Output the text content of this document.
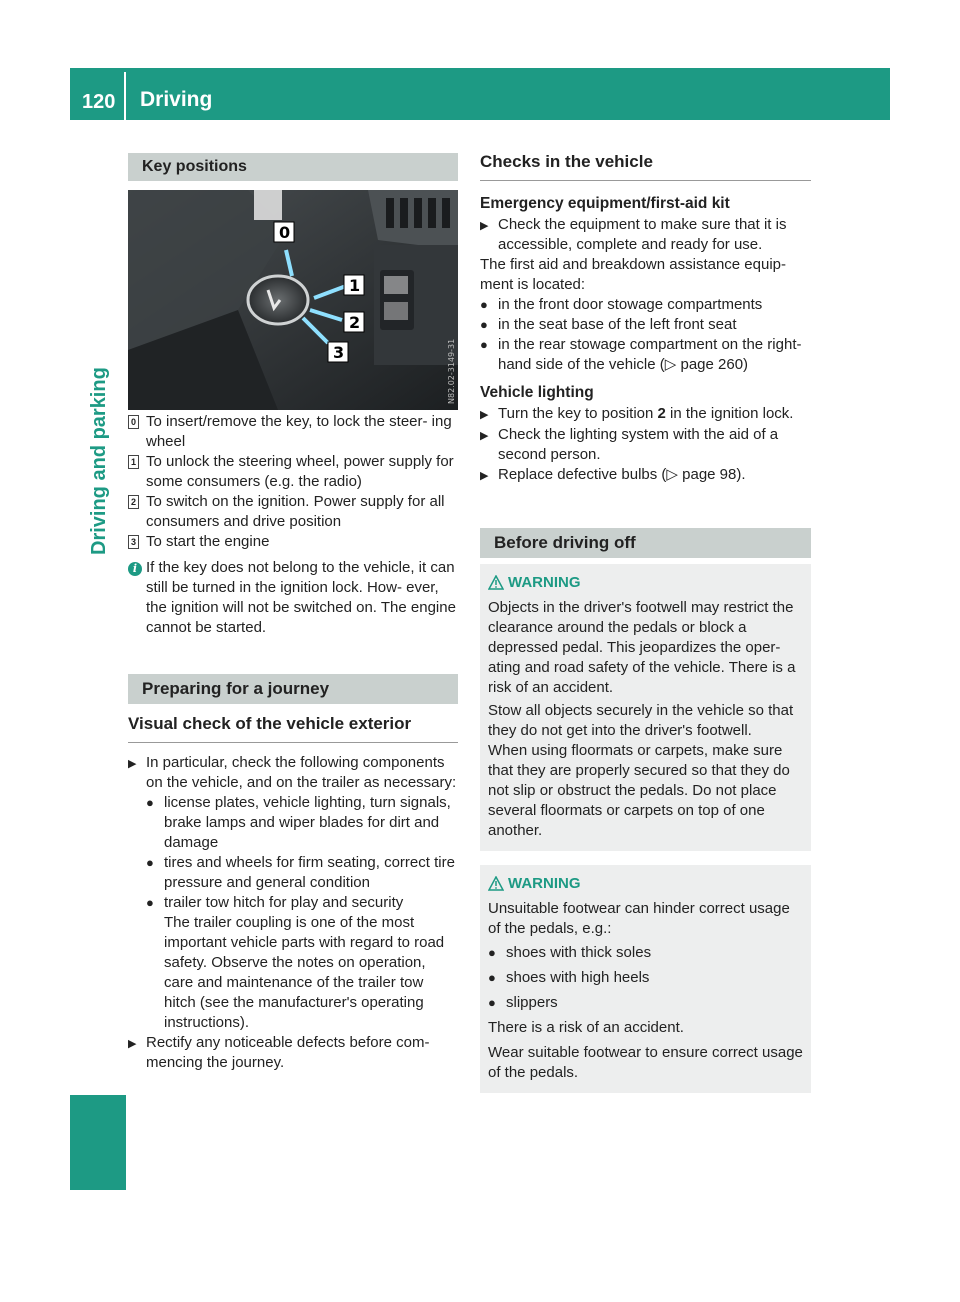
120 Driving
Driving and parking
Key positions
0
1
2
3	N82.02-3149-31
0 To insert/remove the key, to lock the steer- ing wheel
1 To unlock the steering wheel, power supply for some consumers (e.g. the radio)
2 To switch on the ignition. Power supply for all consumers and drive position
3 To start the engine
i If the key does not belong to the vehicle, it can still be turned in the ignition lock. How- ever, the ignition will not be switched on. The engine cannot be started.
Preparing for a journey
Visual check of the vehicle exterior
▶ In particular, check the following components on the vehicle, and on the trailer as necessary:
● license plates, vehicle lighting, turn signals, brake lamps and wiper blades for dirt and damage
● tires and wheels for firm seating, correct tire pressure and general condition
● trailer tow hitch for play and security
The trailer coupling is one of the most important vehicle parts with regard to road safety. Observe the notes on operation, care and maintenance of the trailer tow hitch (see the manufacturer's operating instructions).
▶ Rectify any noticeable defects before com- mencing the journey.
Checks in the vehicle
Emergency equipment/first-aid kit
▶ Check the equipment to make sure that it is accessible, complete and ready for use.

The first aid and breakdown assistance equip- ment is located:

● in the front door stowage compartments
● in the seat base of the left front seat
● in the rear stowage compartment on the right- hand side of the vehicle (▷ page 260)
Vehicle lighting
▶ Turn the key to position 2 in the ignition lock.
▶ Check the lighting system with the aid of a second person.
▶ Replace defective bulbs (▷ page 98).
Before driving off
WARNING

Objects in the driver's footwell may restrict the clearance around the pedals or block a depressed pedal. This jeopardizes the oper- ating and road safety of the vehicle. There is a risk of an accident.

Stow all objects securely in the vehicle so that they do not get into the driver's footwell.

When using floormats or carpets, make sure that they are properly secured so that they do not slip or obstruct the pedals. Do not place several floormats or carpets on top of one another.

WARNING

Unsuitable footwear can hinder correct usage of the pedals, e.g.:

● shoes with thick soles
● shoes with high heels
● slippers

There is a risk of an accident.

Wear suitable footwear to ensure correct usage of the pedals.
